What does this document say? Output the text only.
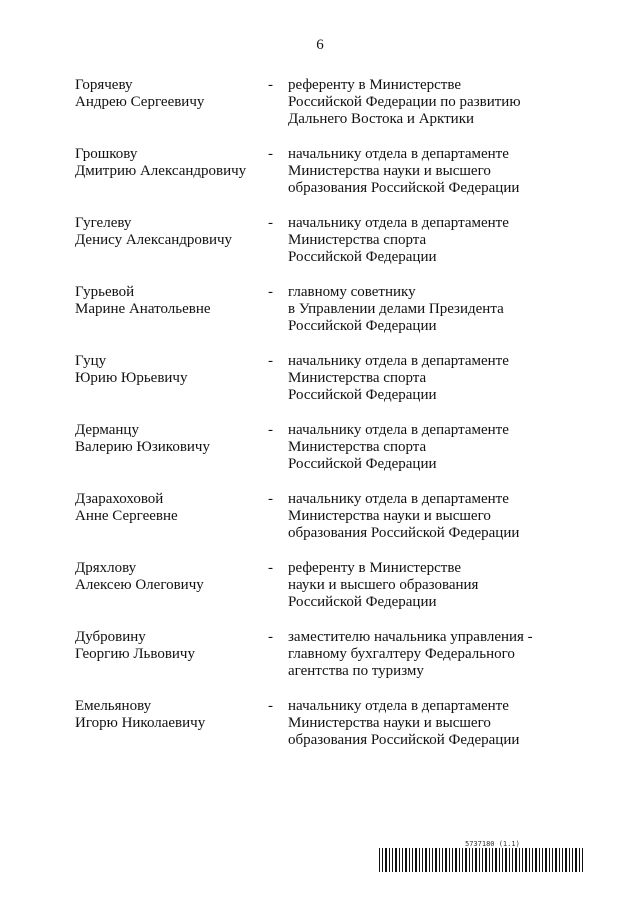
6
Горячеву
Андрею Сергеевичу
- референту в Министерстве
Российской Федерации по развитию
Дальнего Востока и Арктики
Грошкову
Дмитрию Александровичу
- начальнику отдела в департаменте
Министерства науки и высшего
образования Российской Федерации
Гугелеву
Денису Александровичу
- начальнику отдела в департаменте
Министерства спорта
Российской Федерации
Гурьевой
Марине Анатольевне
- главному советнику
в Управлении делами Президента
Российской Федерации
Гуцу
Юрию Юрьевичу
- начальнику отдела в департаменте
Министерства спорта
Российской Федерации
Дерманцу
Валерию Юзиковичу
- начальнику отдела в департаменте
Министерства спорта
Российской Федерации
Дзарахоховой
Анне Сергеевне
- начальнику отдела в департаменте
Министерства науки и высшего
образования Российской Федерации
Дряхлову
Алексею Олеговичу
- референту в Министерстве
науки и высшего образования
Российской Федерации
Дубровину
Георгию Львовичу
- заместителю начальника управления -
главному бухгалтеру Федерального
агентства по туризму
Емельянову
Игорю Николаевичу
- начальнику отдела в департаменте
Министерства науки и высшего
образования Российской Федерации
5737180 (1.1)
